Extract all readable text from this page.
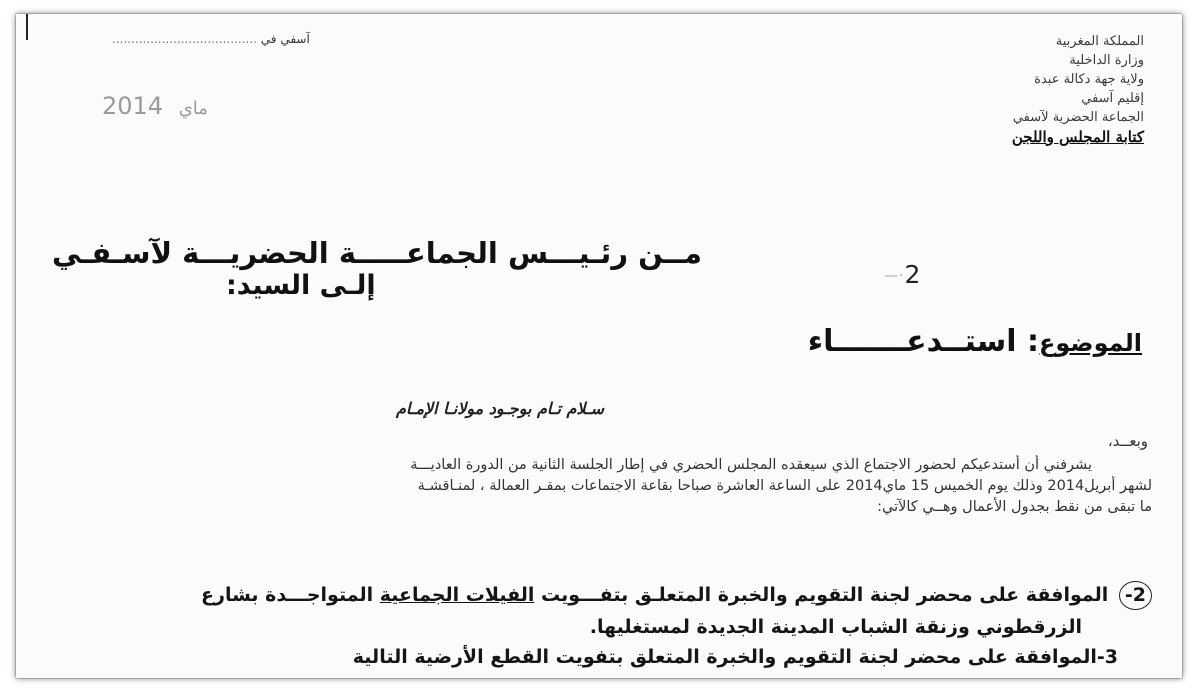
المملكة المغربية
وزارة الداخلية
ولاية جهة دكالة عبدة
إقليم آسفي
الجماعة الحضرية لآسفي
كتابة المجلس واللجن
آسفي في ......................................
2014 ماي
مــن رئـيـــس الجماعـــــة الحضريـــة لآسـفـي
إلـى السيد:	—·2
الموضوع: استــدعـــــــاء
سـلام تـام بوجـود مولانـا الإمـام
وبعــد،
يشرفني أن أستدعيكم لحضور الاجتماع الذي سيعقده المجلس الحضري في إطار الجلسة الثانية من الدورة العاديـــة
لشهر أبريل2014 وذلك يوم الخميس 15 ماي2014 على الساعة العاشرة صباحا بقاعة الاجتماعات بمقـر العمالة ، لمنـاقشـة
ما تبقى من نقط بجدول الأعمال وهــي كالآتي:
2- الموافقة على محضر لجنة التقويم والخبرة المتعلـق بتفـــويت الفيلات الجماعية المتواجـــدة بشارع
الزرقطوني وزنقة الشباب المدينة الجديدة لمستغليها.
3-الموافقة على محضر لجنة التقويم والخبرة المتعلق بتفويت القطع الأرضية التالية
